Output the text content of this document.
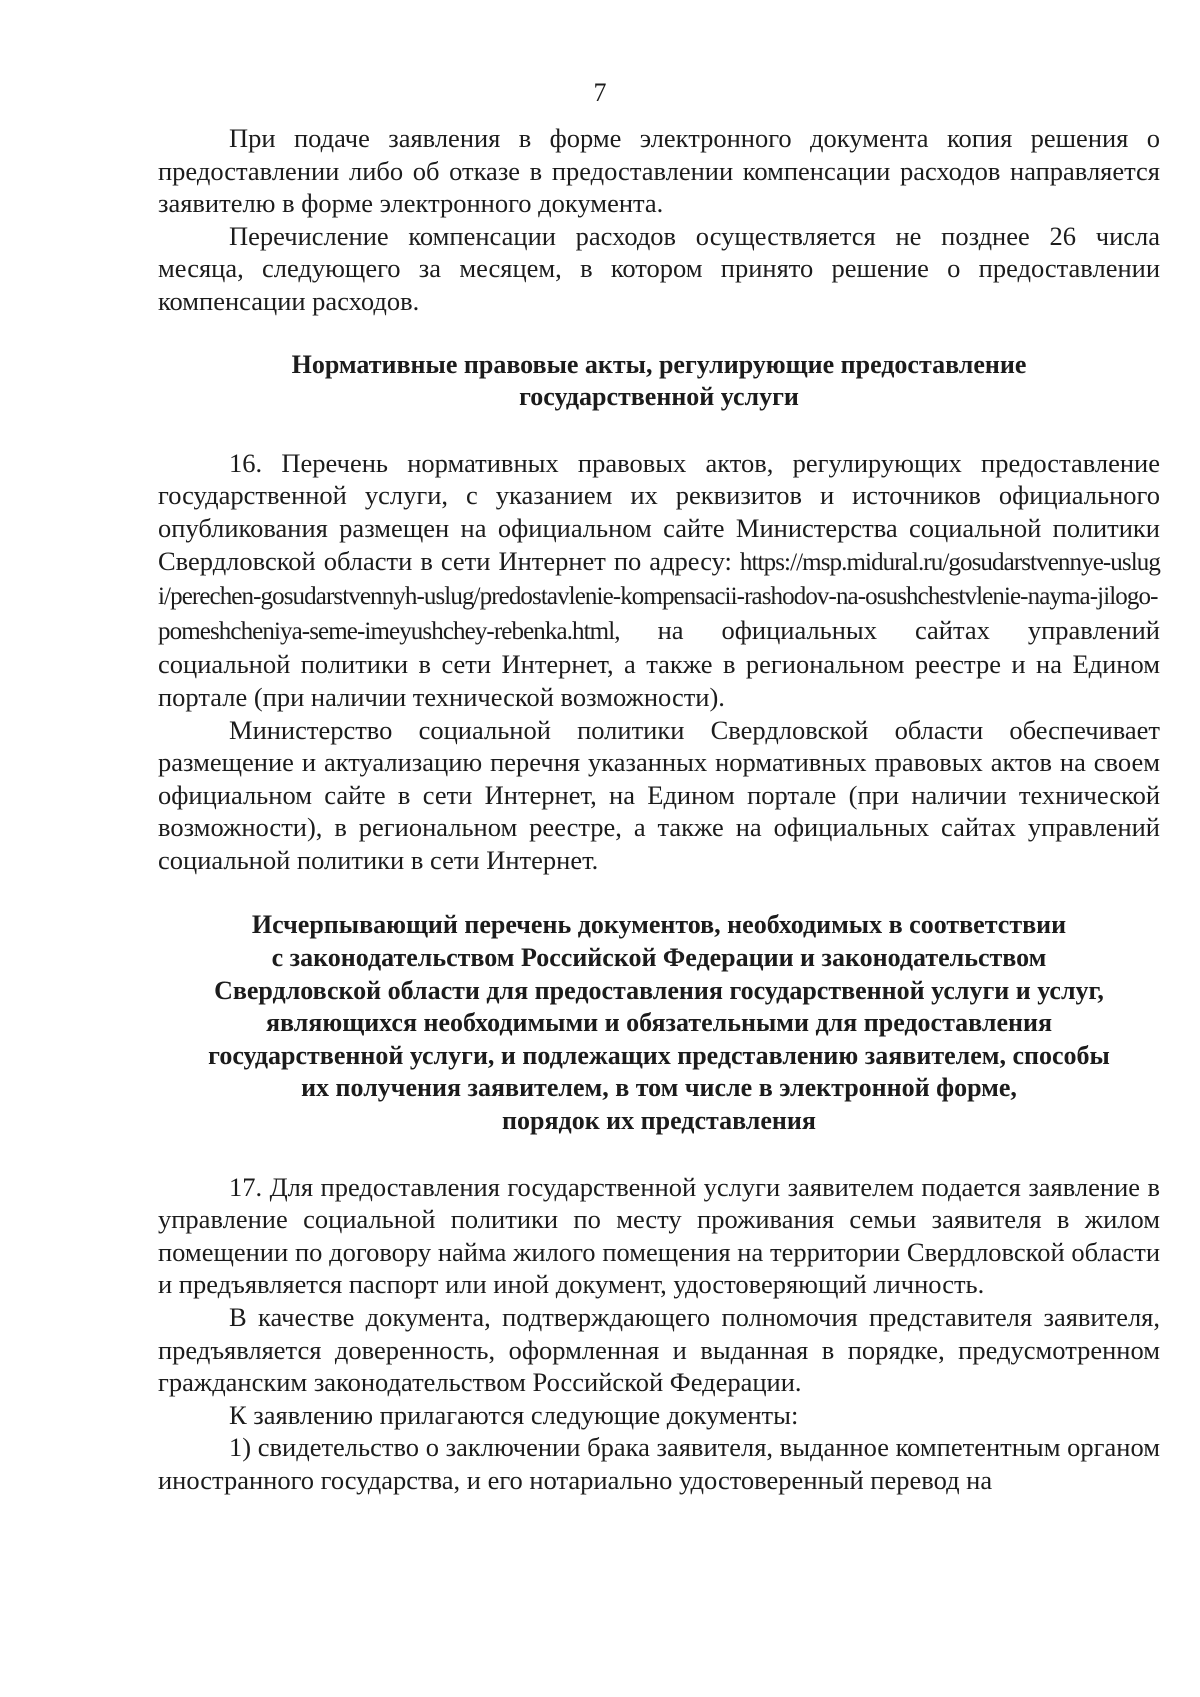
7

При подаче заявления в форме электронного документа копия решения о предоставлении либо об отказе в предоставлении компенсации расходов направляется заявителю в форме электронного документа.

Перечисление компенсации расходов осуществляется не позднее 26 числа месяца, следующего за месяцем, в котором принято решение о предоставлении компенсации расходов.

Нормативные правовые акты, регулирующие предоставление
государственной услуги

16. Перечень нормативных правовых актов, регулирующих предоставление государственной услуги, с указанием их реквизитов и источников официального опубликования размещен на официальном сайте Министерства социальной политики Свердловской области в сети Интернет по адресу: https://msp.midural.ru/gosudarstvennye-uslugi/perechen-gosudarstvennyh-uslug/predostavlenie-kompensacii-rashodov-na-osushchestvlenie-nayma-jilogo-pomeshcheniya-seme-imeyushchey-rebenka.html, на официальных сайтах управлений социальной политики в сети Интернет, а также в региональном реестре и на Едином портале (при наличии технической возможности).

Министерство социальной политики Свердловской области обеспечивает размещение и актуализацию перечня указанных нормативных правовых актов на своем официальном сайте в сети Интернет, на Едином портале (при наличии технической возможности), в региональном реестре, а также на официальных сайтах управлений социальной политики в сети Интернет.

Исчерпывающий перечень документов, необходимых в соответствии
с законодательством Российской Федерации и законодательством
Свердловской области для предоставления государственной услуги и услуг,
являющихся необходимыми и обязательными для предоставления
государственной услуги, и подлежащих представлению заявителем, способы
их получения заявителем, в том числе в электронной форме,
порядок их представления

17. Для предоставления государственной услуги заявителем подается заявление в управление социальной политики по месту проживания семьи заявителя в жилом помещении по договору найма жилого помещения на территории Свердловской области и предъявляется паспорт или иной документ, удостоверяющий личность.

В качестве документа, подтверждающего полномочия представителя заявителя, предъявляется доверенность, оформленная и выданная в порядке, предусмотренном гражданским законодательством Российской Федерации.

К заявлению прилагаются следующие документы:

1) свидетельство о заключении брака заявителя, выданное компетентным органом иностранного государства, и его нотариально удостоверенный перевод на
